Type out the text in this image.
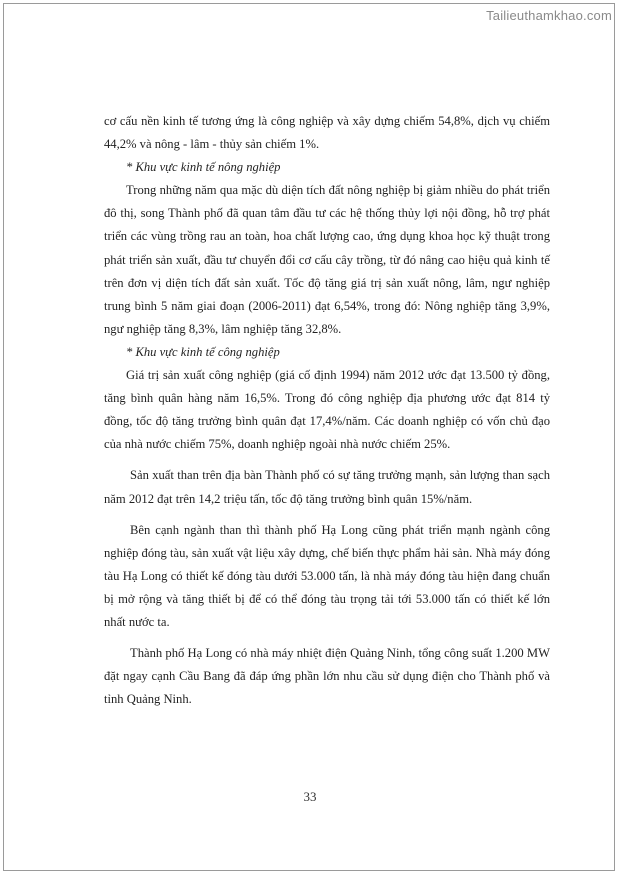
Tailieuthamkhao.com

cơ cấu nền kinh tế tương ứng là công nghiệp và xây dựng chiếm 54,8%, dịch vụ chiếm 44,2% và nông - lâm - thủy sản chiếm 1%.

* Khu vực kinh tế nông nghiệp

Trong những năm qua mặc dù diện tích đất nông nghiệp bị giảm nhiều do phát triển đô thị, song Thành phố đã quan tâm đầu tư các hệ thống thủy lợi nội đồng, hỗ trợ phát triển các vùng trồng rau an toàn, hoa chất lượng cao, ứng dụng khoa học kỹ thuật trong phát triển sản xuất, đầu tư chuyển đổi cơ cấu cây trồng, từ đó nâng cao hiệu quả kinh tế trên đơn vị diện tích đất sản xuất. Tốc độ tăng giá trị sản xuất nông, lâm, ngư nghiệp trung bình 5 năm giai đoạn (2006-2011) đạt 6,54%, trong đó: Nông nghiệp tăng 3,9%, ngư nghiệp tăng 8,3%, lâm nghiệp tăng 32,8%.

* Khu vực kinh tế công nghiệp

Giá trị sản xuất công nghiệp (giá cố định 1994) năm 2012 ước đạt 13.500 tỷ đồng, tăng bình quân hàng năm 16,5%. Trong đó công nghiệp địa phương ước đạt 814 tỷ đồng, tốc độ tăng trưởng bình quân đạt 17,4%/năm. Các doanh nghiệp có vốn chủ đạo của nhà nước chiếm 75%, doanh nghiệp ngoài nhà nước chiếm 25%.

Sản xuất than trên địa bàn Thành phố có sự tăng trưởng mạnh, sản lượng than sạch năm 2012 đạt trên 14,2 triệu tấn, tốc độ tăng trưởng bình quân 15%/năm.

Bên cạnh ngành than thì thành phố Hạ Long cũng phát triển mạnh ngành công nghiệp đóng tàu, sản xuất vật liệu xây dựng, chế biến thực phẩm hải sản. Nhà máy đóng tàu Hạ Long có thiết kế đóng tàu dưới 53.000 tấn, là nhà máy đóng tàu hiện đang chuẩn bị mở rộng và tăng thiết bị để có thể đóng tàu trọng tải tới 53.000 tấn có thiết kế lớn nhất nước ta.

Thành phố Hạ Long có nhà máy nhiệt điện Quảng Ninh, tổng công suất 1.200 MW đặt ngay cạnh Cầu Bang đã đáp ứng phần lớn nhu cầu sử dụng điện cho Thành phố và tỉnh Quảng Ninh.

33
